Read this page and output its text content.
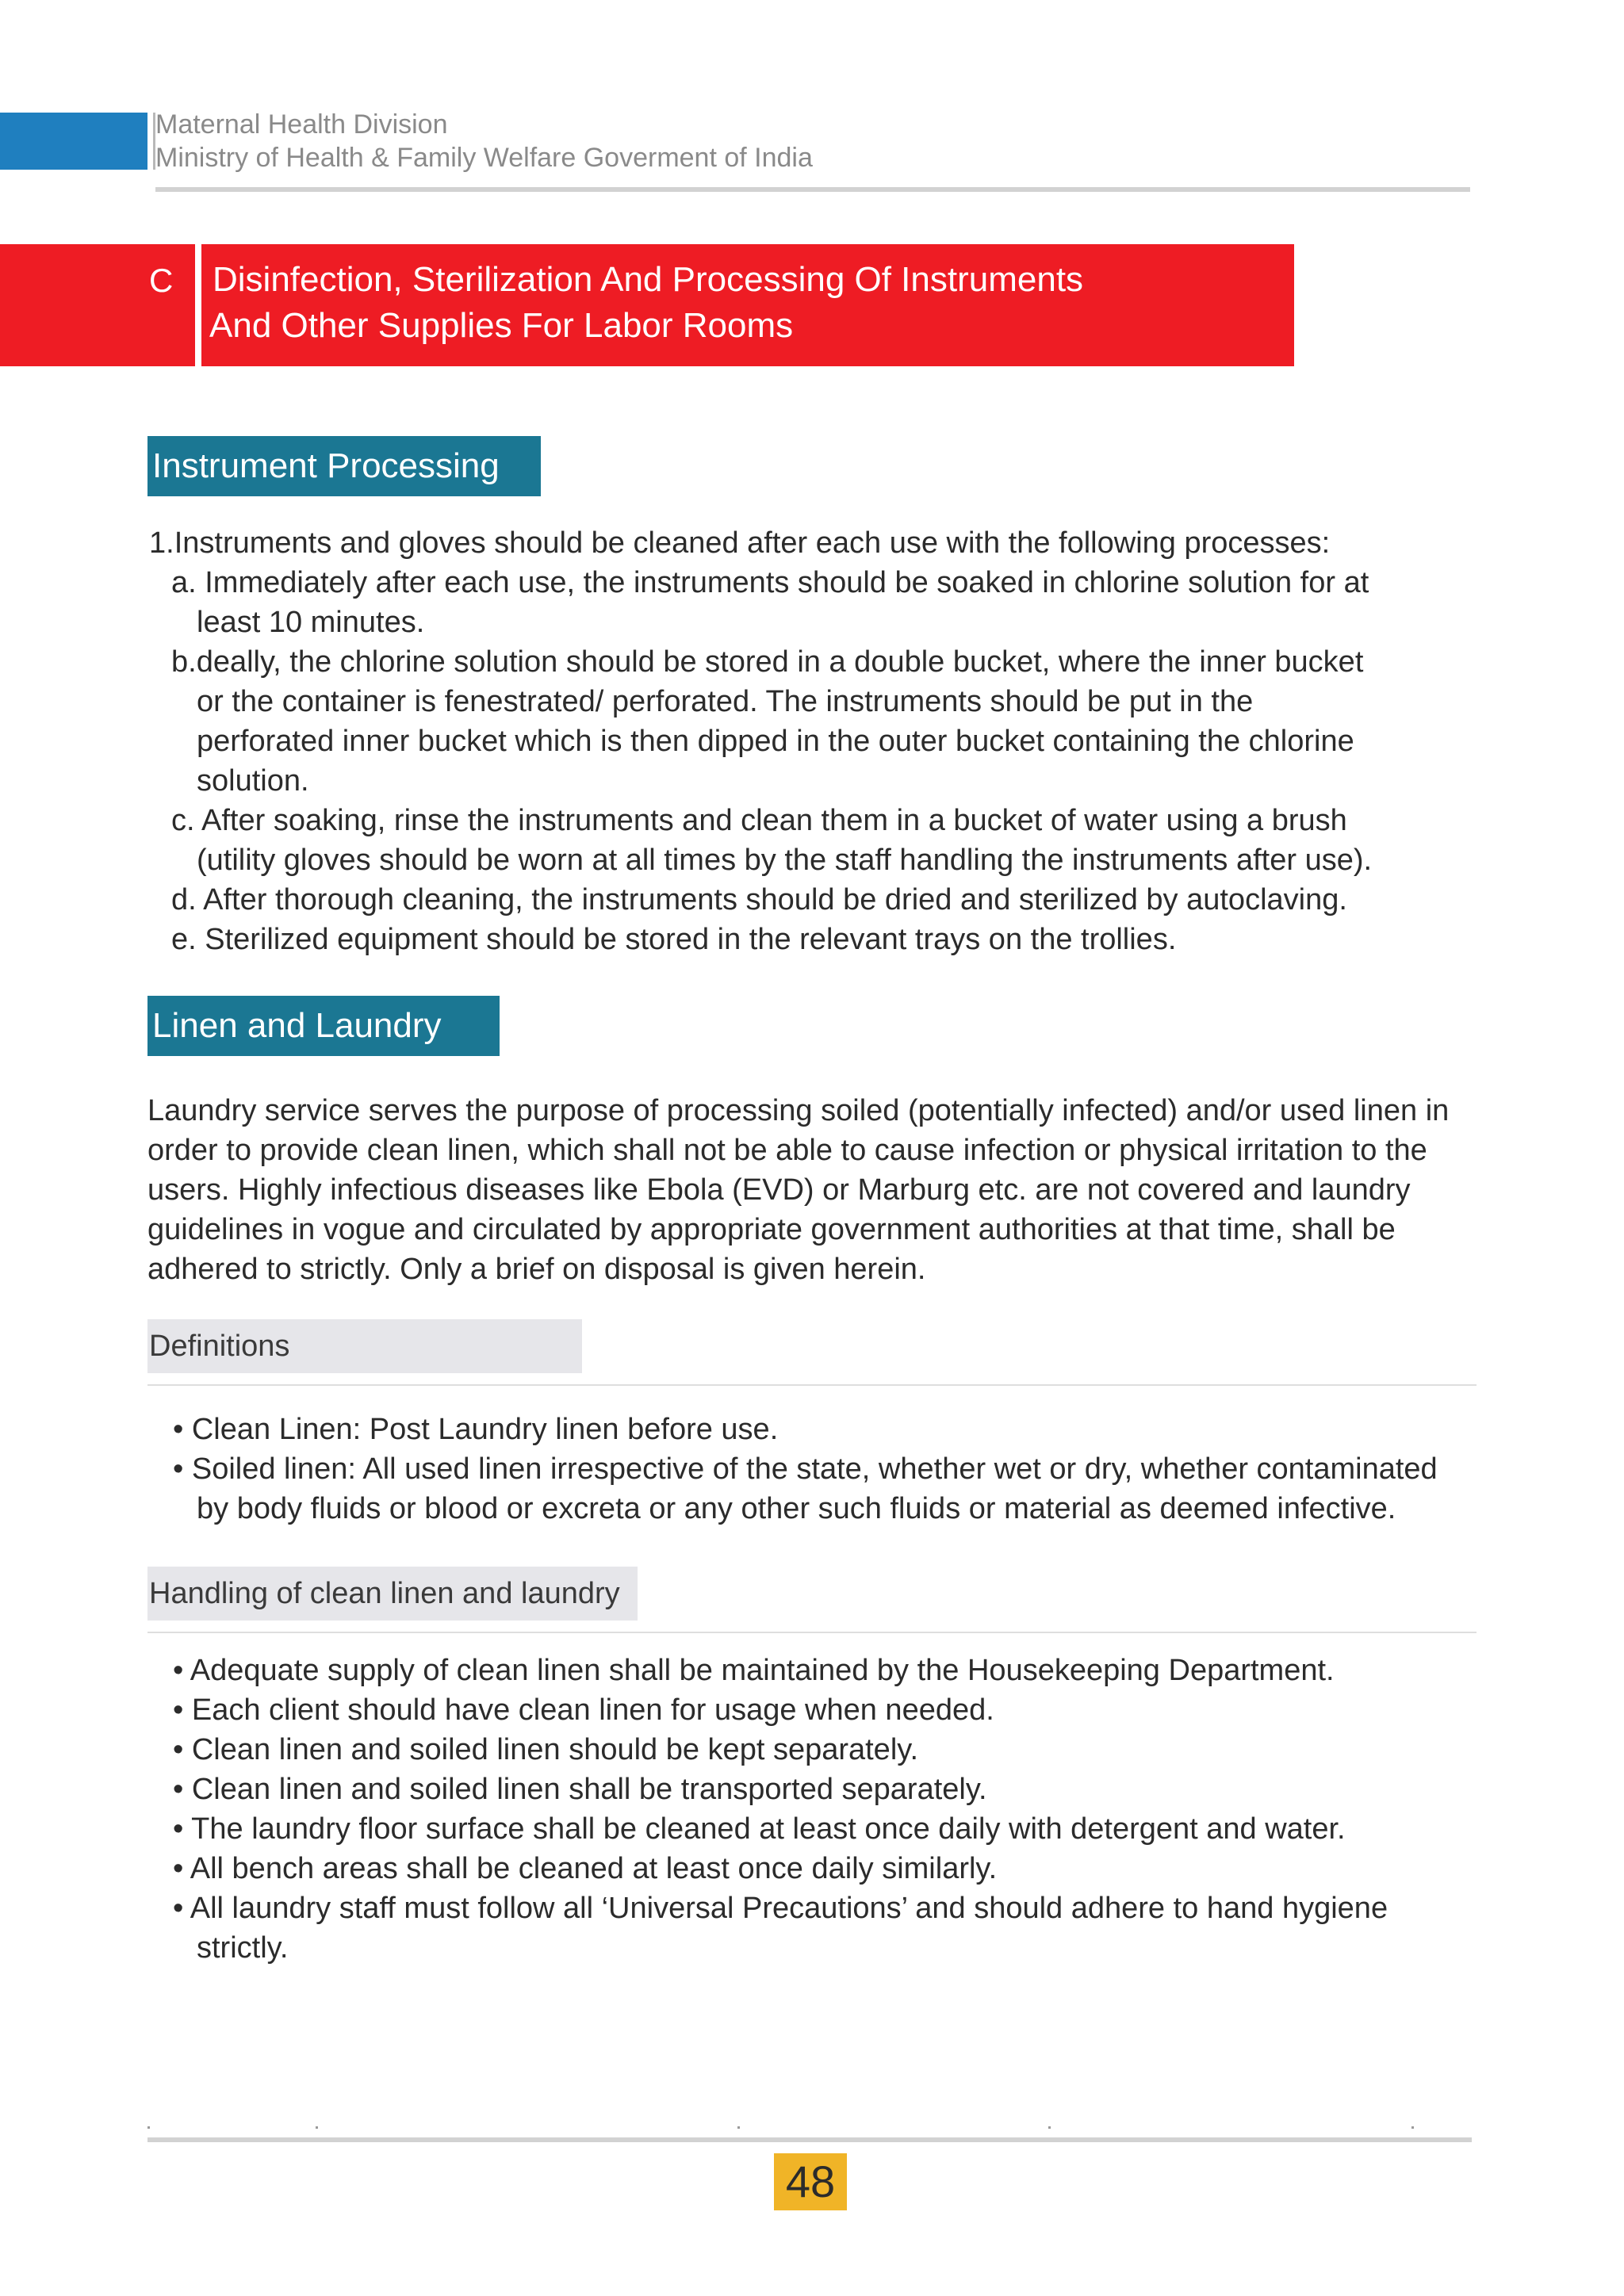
Maternal Health Division
Ministry of Health & Family Welfare Goverment of India
C Disinfection, Sterilization And Processing Of Instruments
And Other Supplies For Labor Rooms
Instrument Processing
1.Instruments and gloves should be cleaned after each use with the following processes:
a. Immediately after each use, the instruments should be soaked in chlorine solution for at
least 10 minutes.
b.deally, the chlorine solution should be stored in a double bucket, where the inner bucket
or the container is fenestrated/ perforated. The instruments should be put in the
perforated inner bucket which is then dipped in the outer bucket containing the chlorine
solution.
c. After soaking, rinse the instruments and clean them in a bucket of water using a brush
(utility gloves should be worn at all times by the staff handling the instruments after use).
d. After thorough cleaning, the instruments should be dried and sterilized by autoclaving.
e. Sterilized equipment should be stored in the relevant trays on the trollies.
Linen and Laundry
Laundry service serves the purpose of processing soiled (potentially infected) and/or used linen in
order to provide clean linen, which shall not be able to cause infection or physical irritation to the
users. Highly infectious diseases like Ebola (EVD) or Marburg etc. are not covered and laundry
guidelines in vogue and circulated by appropriate government authorities at that time, shall be
adhered to strictly. Only a brief on disposal is given herein.
Definitions
• Clean Linen: Post Laundry linen before use.
• Soiled linen: All used linen irrespective of the state, whether wet or dry, whether contaminated
by body fluids or blood or excreta or any other such fluids or material as deemed infective.
Handling of clean linen and laundry
• Adequate supply of clean linen shall be maintained by the Housekeeping Department.
• Each client should have clean linen for usage when needed.
• Clean linen and soiled linen should be kept separately.
• Clean linen and soiled linen shall be transported separately.
• The laundry floor surface shall be cleaned at least once daily with detergent and water.
• All bench areas shall be cleaned at least once daily similarly.
• All laundry staff must follow all ‘Universal Precautions’ and should adhere to hand hygiene
strictly.
48
